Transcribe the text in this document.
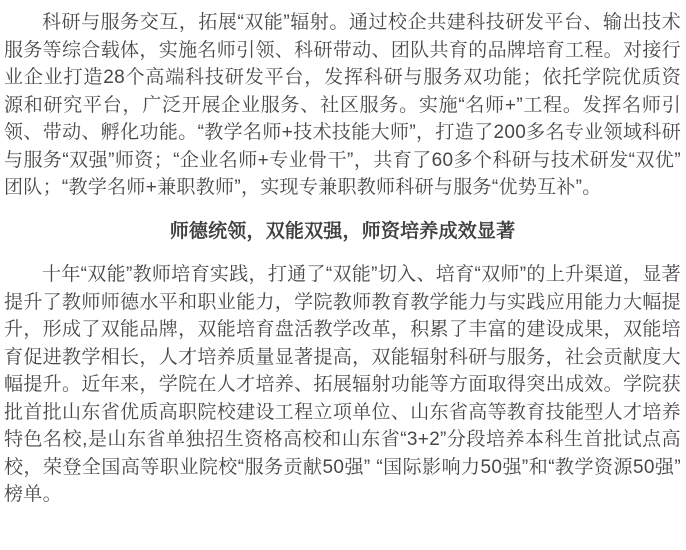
科研与服务交互，拓展“双能”辐射。通过校企共建科技研发平台、输出技术服务等综合载体，实施名师引领、科研带动、团队共育的品牌培育工程。对接行业企业打造28个高端科技研发平台，发挥科研与服务双功能；依托学院优质资源和研究平台，广泛开展企业服务、社区服务。实施“名师+”工程。发挥名师引领、带动、孵化功能。“教学名师+技术技能大师”，打造了200多名专业领域科研与服务“双强”师资；“企业名师+专业骨干”，共育了60多个科研与技术研发“双优”团队；“教学名师+兼职教师”，实现专兼职教师科研与服务“优势互补”。

师德统领，双能双强，师资培养成效显著

十年“双能”教师培育实践，打通了“双能”切入、培育“双师”的上升渠道，显著提升了教师师德水平和职业能力，学院教师教育教学能力与实践应用能力大幅提升，形成了双能品牌，双能培育盘活教学改革，积累了丰富的建设成果，双能培育促进教学相长，人才培养质量显著提高，双能辐射科研与服务，社会贡献度大幅提升。近年来，学院在人才培养、拓展辐射功能等方面取得突出成效。学院获批首批山东省优质高职院校建设工程立项单位、山东省高等教育技能型人才培养特色名校,是山东省单独招生资格高校和山东省“3+2”分段培养本科生首批试点高校，荣登全国高等职业院校“服务贡献50强” “国际影响力50强”和“教学资源50强”榜单。
